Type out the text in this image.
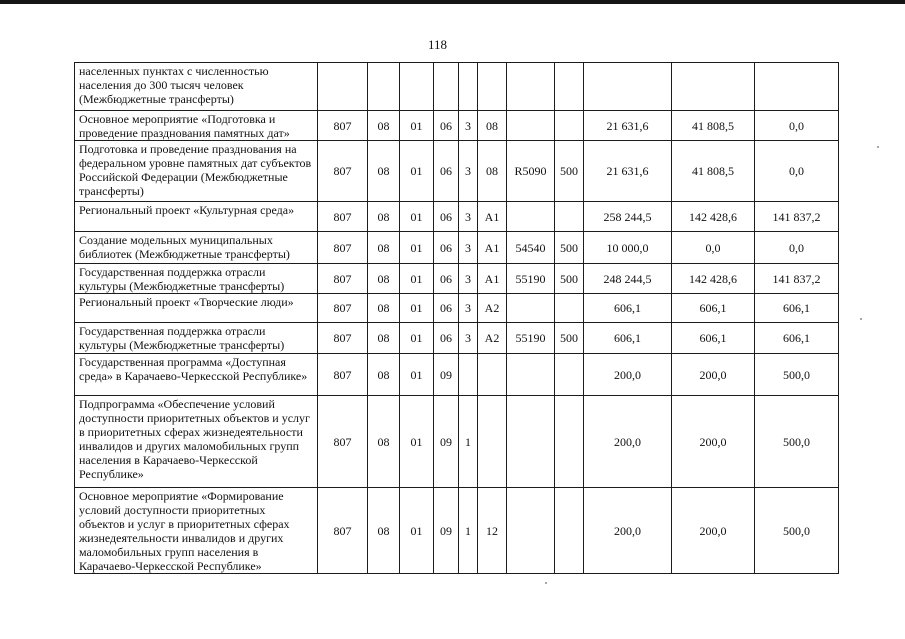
118
населенных пунктах с численностью населения до 300 тысяч человек (Межбюджетные трансферты)											
Основное мероприятие «Подготовка и проведение празднования памятных дат»	807	08	01	06	3	08			21 631,6	41 808,5	0,0
Подготовка и проведение празднования на федеральном уровне памятных дат субъектов Российской Федерации (Межбюджетные трансферты)	807	08	01	06	3	08	R5090	500	21 631,6	41 808,5	0,0
Региональный проект «Культурная среда»	807	08	01	06	3	A1			258 244,5	142 428,6	141 837,2
Создание модельных муниципальных библиотек (Межбюджетные трансферты)	807	08	01	06	3	A1	54540	500	10 000,0	0,0	0,0
Государственная поддержка отрасли культуры (Межбюджетные трансферты)	807	08	01	06	3	A1	55190	500	248 244,5	142 428,6	141 837,2
Региональный проект «Творческие люди»	807	08	01	06	3	A2			606,1	606,1	606,1
Государственная поддержка отрасли культуры (Межбюджетные трансферты)	807	08	01	06	3	A2	55190	500	606,1	606,1	606,1
Государственная программа «Доступная среда» в Карачаево-Черкесской Республике»	807	08	01	09					200,0	200,0	500,0
Подпрограмма «Обеспечение условий доступности приоритетных объектов и услуг в приоритетных сферах жизнедеятельности инвалидов и других маломобильных групп населения в Карачаево-Черкесской Республике»	807	08	01	09	1				200,0	200,0	500,0
Основное мероприятие «Формирование условий доступности приоритетных объектов и услуг в приоритетных сферах жизнедеятельности инвалидов и других маломобильных групп населения в Карачаево-Черкесской Республике»	807	08	01	09	1	12			200,0	200,0	500,0
